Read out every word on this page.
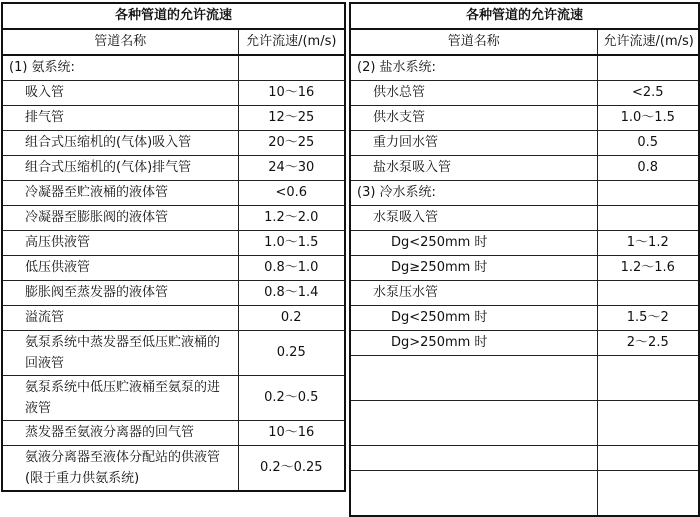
各种管道的允许流速	
管道名称	允许流速/(m/s)
(1) 氨系统:	
吸入管	10～16
排气管	12～25
组合式压缩机的(气体)吸入管	20～25
组合式压缩机的(气体)排气管	24～30
冷凝器至贮液桶的液体管	<0.6
冷凝器至膨胀阀的液体管	1.2～2.0
高压供液管	1.0～1.5
低压供液管	0.8～1.0
膨胀阀至蒸发器的液体管	0.8～1.4
溢流管	0.2
氨泵系统中蒸发器至低压贮液桶的回液管	0.25
氨泵系统中低压贮液桶至氨泵的进液管	0.2～0.5
蒸发器至氨液分离器的回气管	10～16
氨液分离器至液体分配站的供液管(限于重力供氨系统)	0.2～0.25
各种管道的允许流速	
管道名称	允许流速/(m/s)
(2) 盐水系统:	
供水总管	<2.5
供水支管	1.0～1.5
重力回水管	0.5
盐水泵吸入管	0.8
(3) 冷水系统:	
水泵吸入管	
Dg<250mm 时	1～1.2
Dg≥250mm 时	1.2～1.6
水泵压水管	
Dg<250mm 时	1.5～2
Dg>250mm 时	2～2.5
